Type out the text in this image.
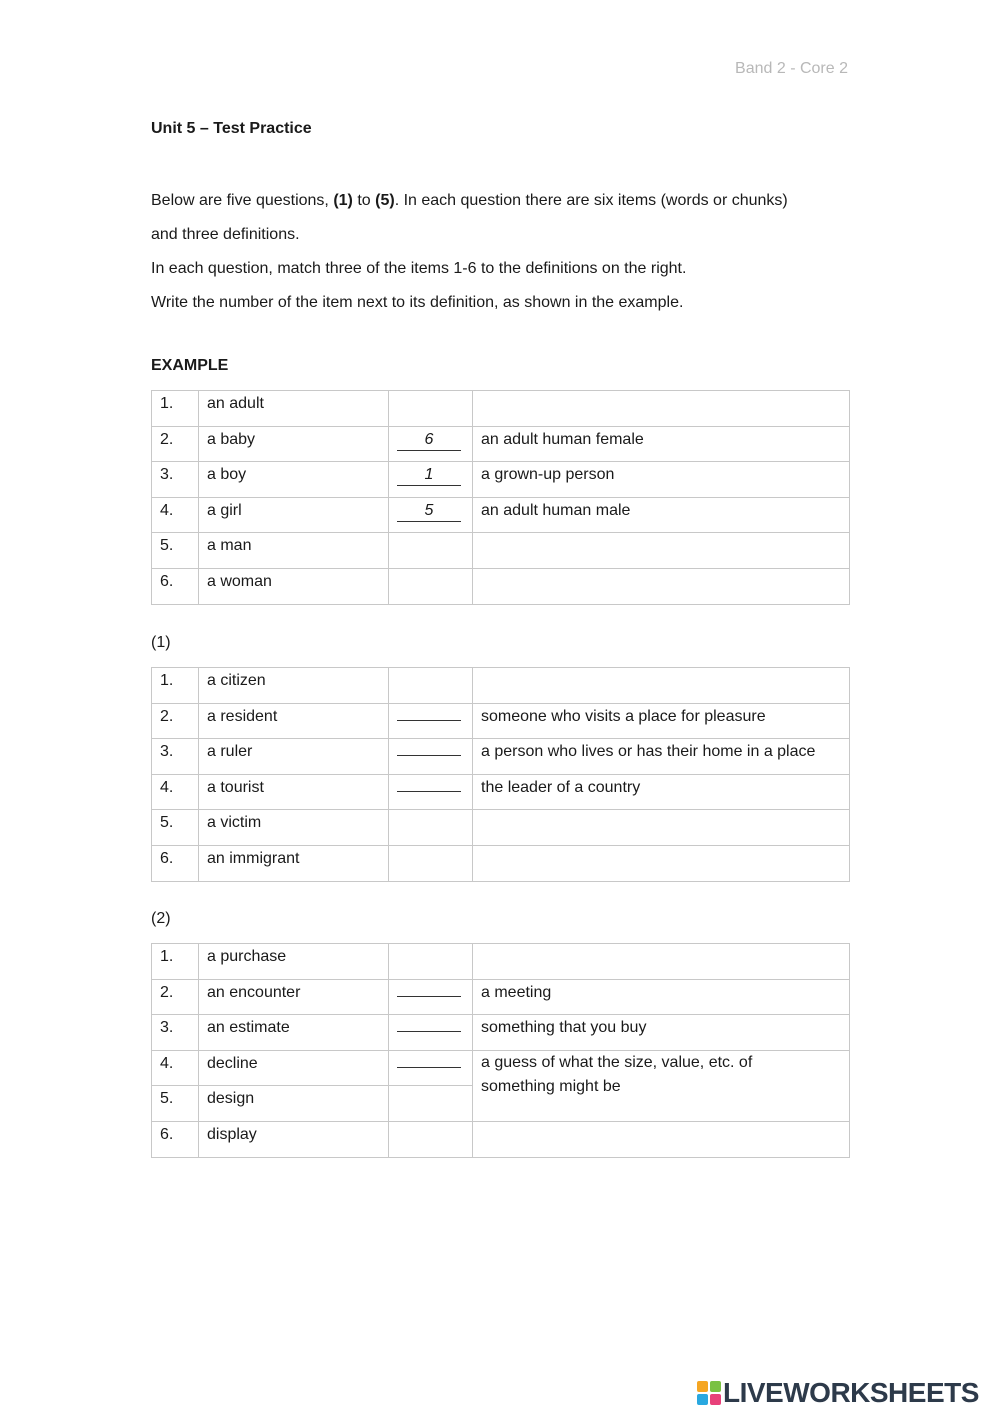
Band 2 - Core 2
Unit 5 – Test Practice

Below are five questions, (1) to (5). In each question there are six items (words or chunks)

and three definitions.

In each question, match three of the items 1-6 to the definitions on the right.

Write the number of the item next to its definition, as shown in the example.

EXAMPLE
1.	an adult		
2.	a baby	6	an adult human female
3.	a boy	1	a grown-up person
4.	a girl	5	an adult human male
5.	a man		
6.	a woman		
(1)
1.	a citizen		
2.	a resident		someone who visits a place for pleasure
3.	a ruler		a person who lives or has their home in a place
4.	a tourist		the leader of a country
5.	a victim		
6.	an immigrant		
(2)
1.	a purchase		
2.	an encounter		a meeting
3.	an estimate		something that you buy
4.	decline		a guess of what the size, value, etc. of
something might be

5.	design		
6.	display		
LIVEWORKSHEETS
